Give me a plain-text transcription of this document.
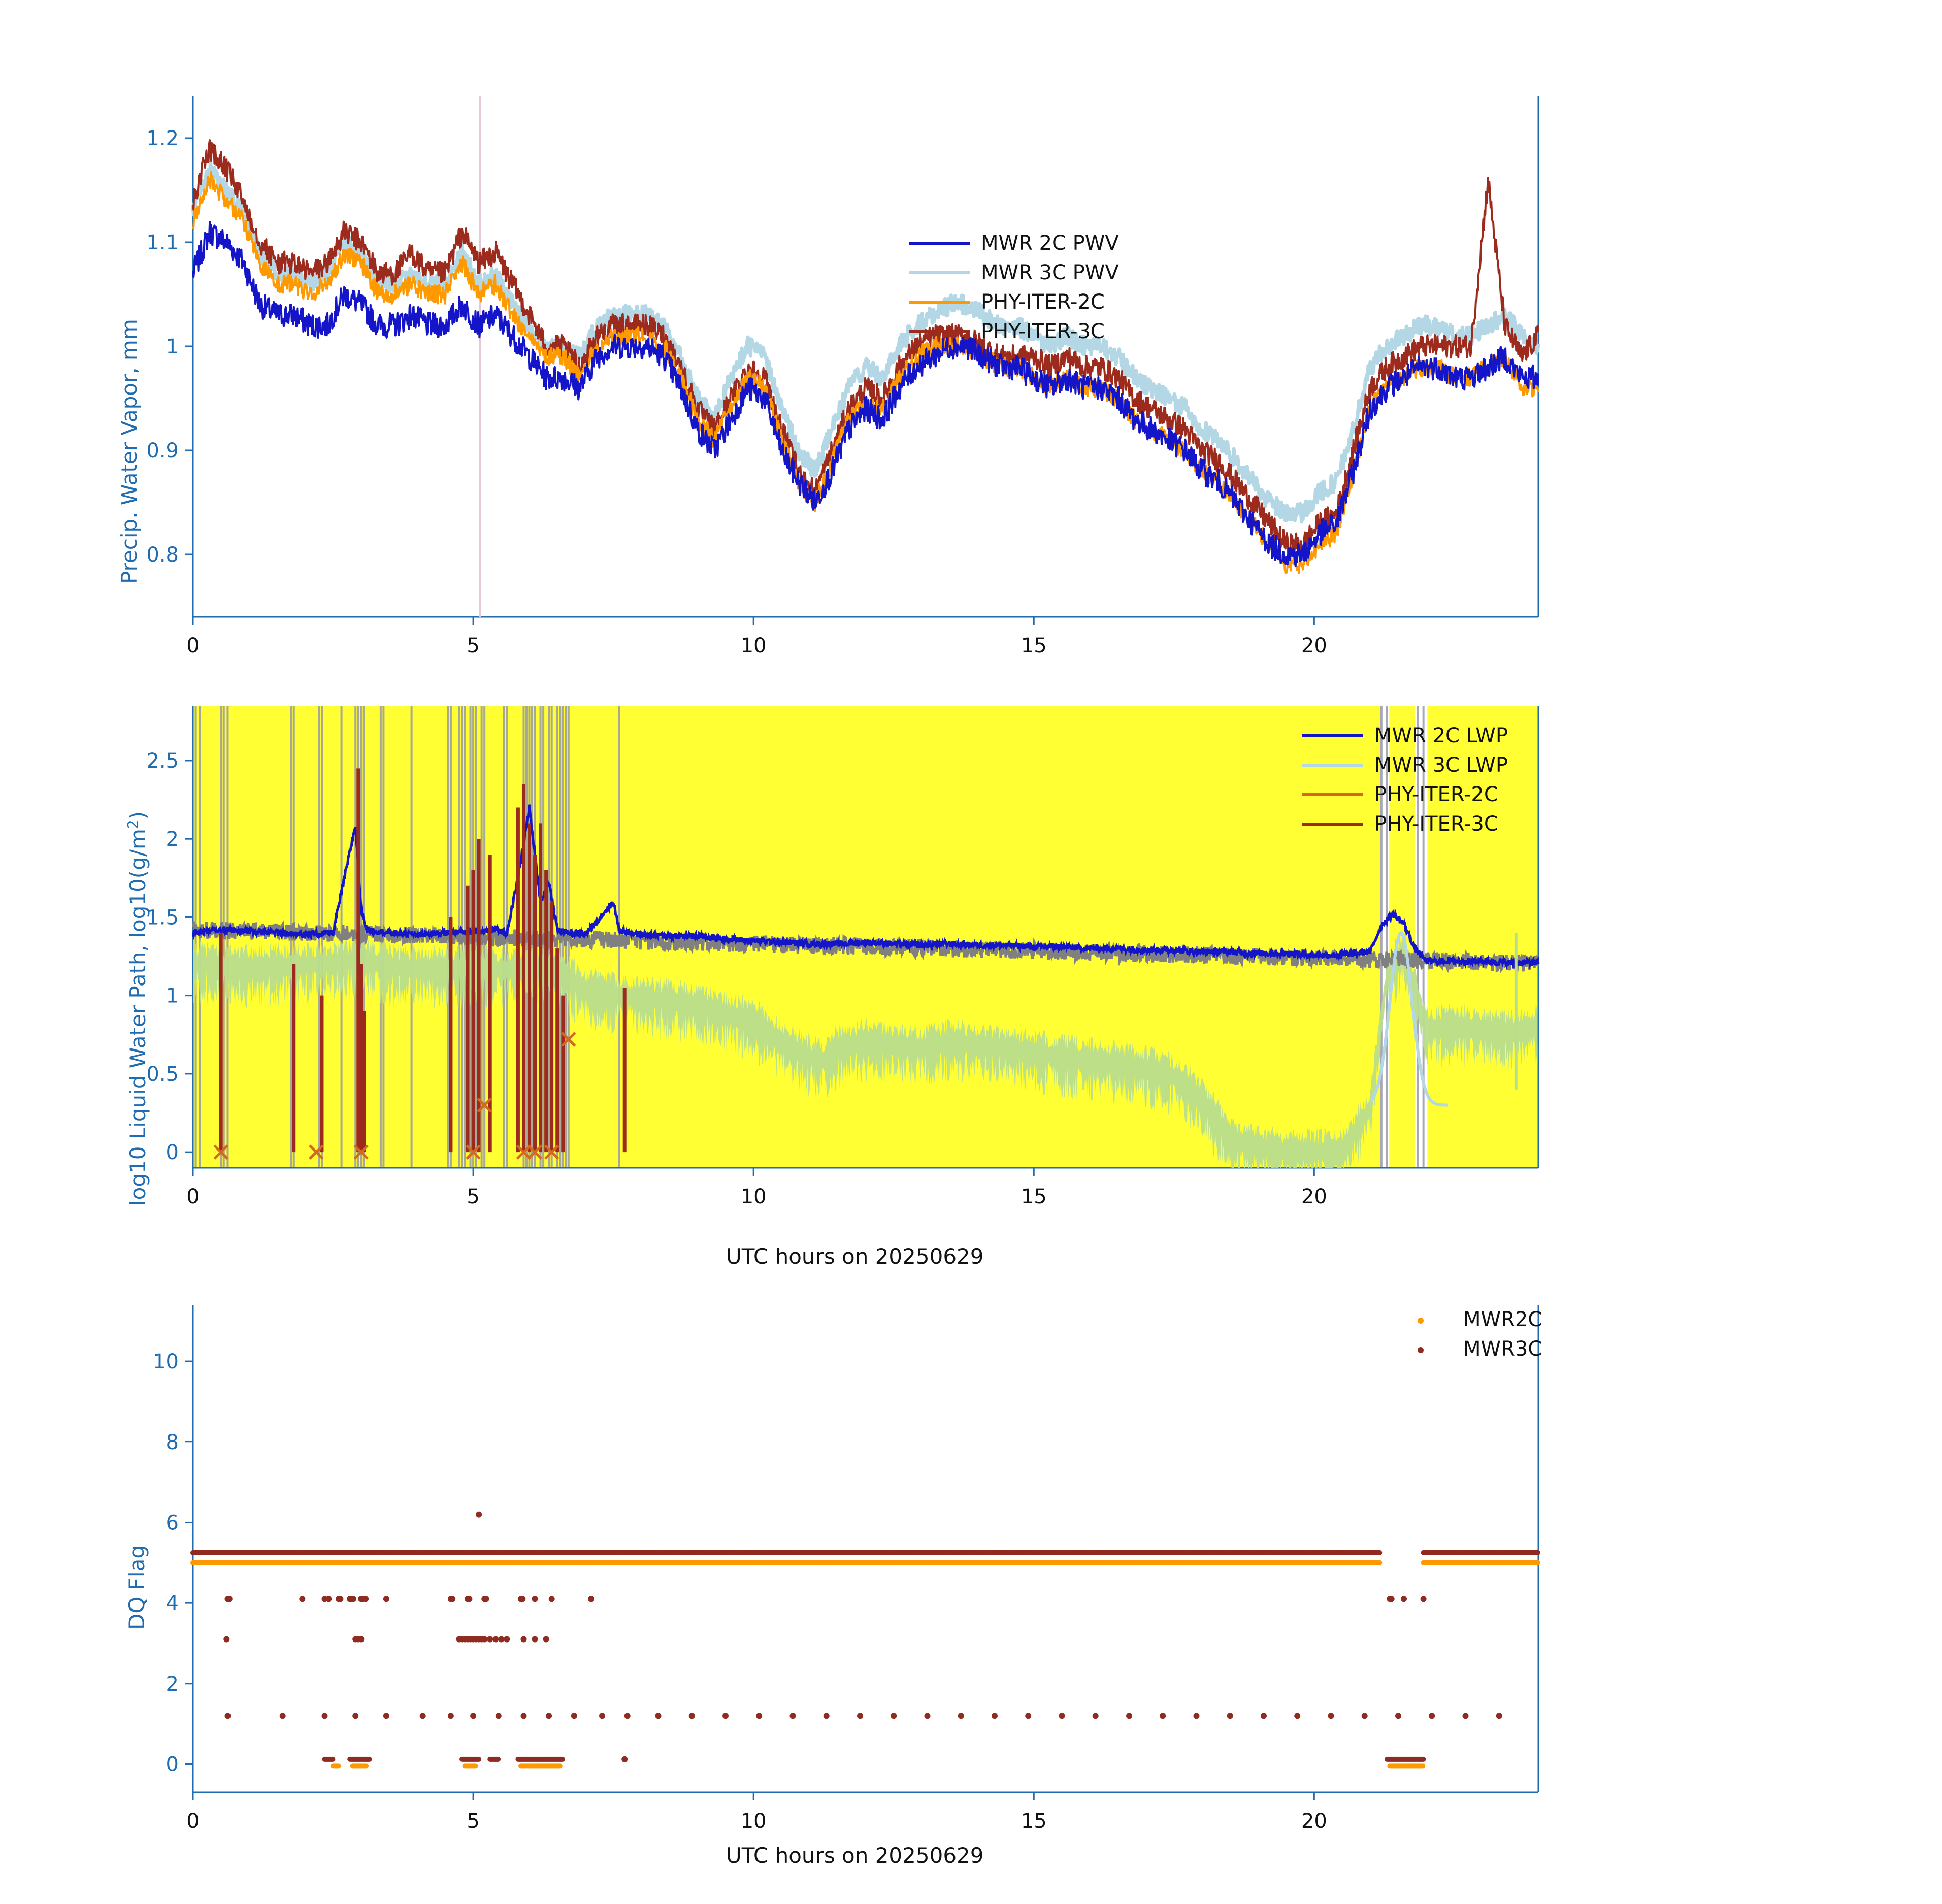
0.8
0.9
1
1.1
1.2
0	5	10	15	20
Precip. Water Vapor, mm
MWR 2C PWV
MWR 3C PWV
PHY-ITER-2C
PHY-ITER-3C
0
0.5
1
1.5
2
2.5
0	5	10	15	20
log10 Liquid Water Path, $\log 10(g/m^2)$
UTC hours on 20250629
MWR 2C LWP
MWR 3C LWP
PHY-ITER-2C
PHY-ITER-3C
0
2
4
6
8
10
0	5	10	15	20
DQ Flag
UTC hours on 20250629
MWR2C
MWR3C
